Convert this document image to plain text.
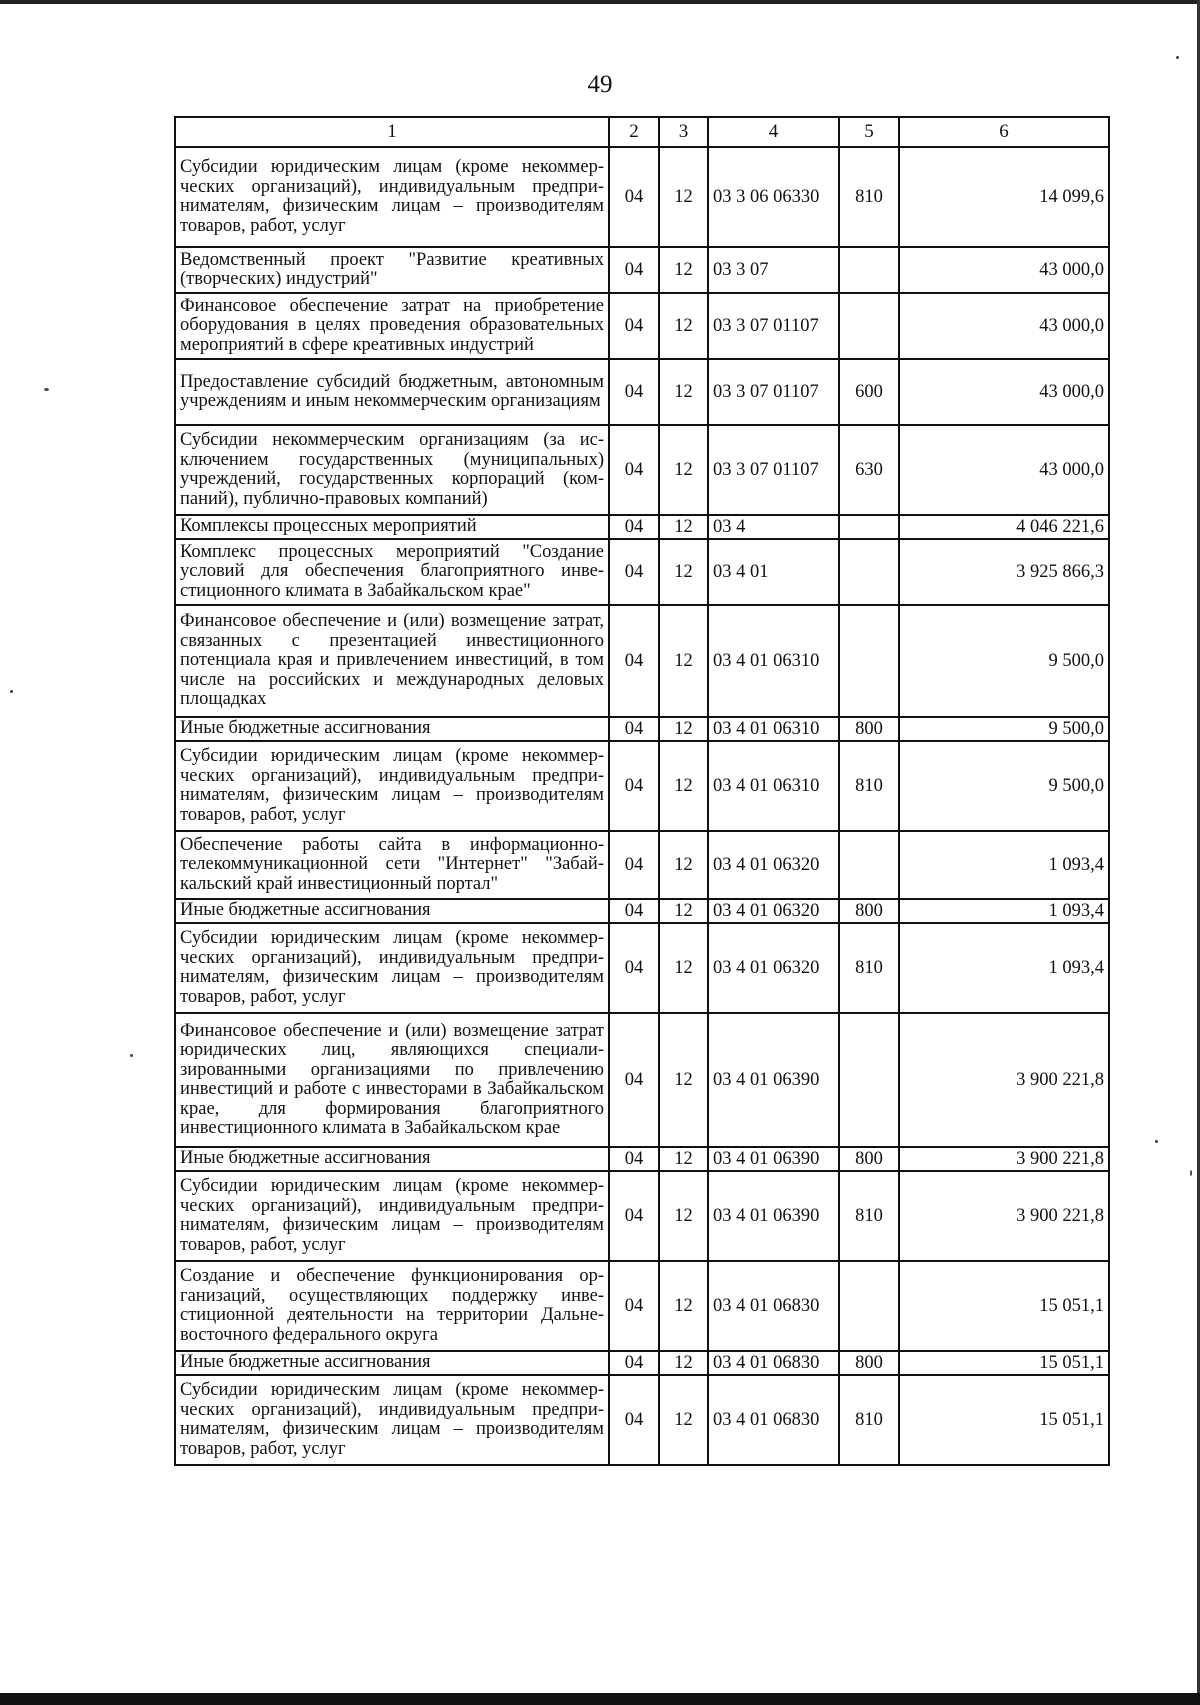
49
1	2	3	4	5	6
Субсидии юридическим лицам (кроме некоммерческих организаций), индивидуальным предпринимателям, физическим лицам – производителям товаров, работ, услуг	04	12	03 3 06 06330	810	14 099,6
Ведомственный проект "Развитие креативных (творческих) индустрий"	04	12	03 3 07		43 000,0
Финансовое обеспечение затрат на приобретение оборудования в целях проведения образовательных мероприятий в сфере креативных индустрий	04	12	03 3 07 01107		43 000,0
Предоставление субсидий бюджетным, автономным учреждениям и иным некоммерческим организациям	04	12	03 3 07 01107	600	43 000,0
Субсидии некоммерческим организациям (за исключением государственных (муниципальных) учреждений, государственных корпораций (компаний), публично-правовых компаний)	04	12	03 3 07 01107	630	43 000,0
Комплексы процессных мероприятий	04	12	03 4		4 046 221,6
Комплекс процессных мероприятий "Создание условий для обеспечения благоприятного инвестиционного климата в Забайкальском крае"	04	12	03 4 01		3 925 866,3
Финансовое обеспечение и (или) возмещение затрат, связанных с презентацией инвестиционного потенциала края и привлечением инвестиций, в том числе на российских и международных деловых площадках	04	12	03 4 01 06310		9 500,0
Иные бюджетные ассигнования	04	12	03 4 01 06310	800	9 500,0
Субсидии юридическим лицам (кроме некоммерческих организаций), индивидуальным предпринимателям, физическим лицам – производителям товаров, работ, услуг	04	12	03 4 01 06310	810	9 500,0
Обеспечение работы сайта в информационно-телекоммуникационной сети "Интернет" "Забайкальский край инвестиционный портал"	04	12	03 4 01 06320		1 093,4
Иные бюджетные ассигнования	04	12	03 4 01 06320	800	1 093,4
Субсидии юридическим лицам (кроме некоммерческих организаций), индивидуальным предпринимателям, физическим лицам – производителям товаров, работ, услуг	04	12	03 4 01 06320	810	1 093,4
Финансовое обеспечение и (или) возмещение затрат юридических лиц, являющихся специализированными организациями по привлечению инвестиций и работе с инвесторами в Забайкальском крае, для формирования благоприятного инвестиционного климата в Забайкальском крае	04	12	03 4 01 06390		3 900 221,8
Иные бюджетные ассигнования	04	12	03 4 01 06390	800	3 900 221,8
Субсидии юридическим лицам (кроме некоммерческих организаций), индивидуальным предпринимателям, физическим лицам – производителям товаров, работ, услуг	04	12	03 4 01 06390	810	3 900 221,8
Создание и обеспечение функционирования организаций, осуществляющих поддержку инвестиционной деятельности на территории Дальневосточного федерального округа	04	12	03 4 01 06830		15 051,1
Иные бюджетные ассигнования	04	12	03 4 01 06830	800	15 051,1
Субсидии юридическим лицам (кроме некоммерческих организаций), индивидуальным предпринимателям, физическим лицам – производителям товаров, работ, услуг	04	12	03 4 01 06830	810	15 051,1
